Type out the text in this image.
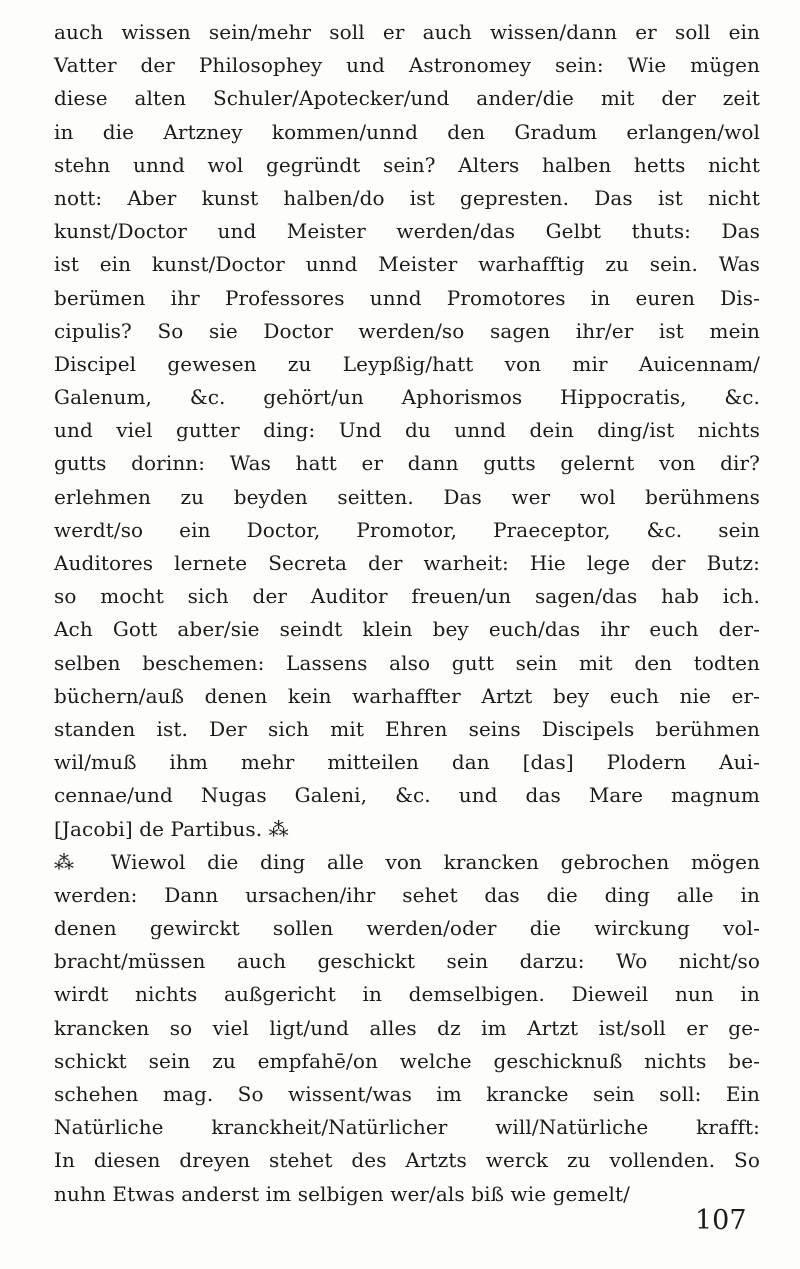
auch wissen sein/mehr soll er auch wissen/dann er soll ein
Vatter der Philosophey und Astronomey sein: Wie mügen
diese alten Schuler/Apotecker/und ander/die mit der zeit
in die Artzney kommen/unnd den Gradum erlangen/wol
stehn unnd wol gegründt sein? Alters halben hetts nicht
nott: Aber kunst halben/do ist gepresten. Das ist nicht
kunst/Doctor und Meister werden/das Gelbt thuts: Das
ist ein kunst/Doctor unnd Meister warhafftig zu sein. Was
berümen ihr Professores unnd Promotores in euren Dis-
cipulis? So sie Doctor werden/so sagen ihr/er ist mein
Discipel gewesen zu Leypßig/hatt von mir Auicennam/
Galenum, &c. gehört/un Aphorismos Hippocratis, &c.
und viel gutter ding: Und du unnd dein ding/ist nichts
gutts dorinn: Was hatt er dann gutts gelernt von dir?
erlehmen zu beyden seitten. Das wer wol berühmens
werdt/so ein Doctor, Promotor, Praeceptor, &c. sein
Auditores lernete Secreta der warheit: Hie lege der Butz:
so mocht sich der Auditor freuen/un sagen/das hab ich.
Ach Gott aber/sie seindt klein bey euch/das ihr euch der-
selben beschemen: Lassens also gutt sein mit den todten
büchern/auß denen kein warhaffter Artzt bey euch nie er-
standen ist. Der sich mit Ehren seins Discipels berühmen
wil/muß ihm mehr mitteilen dan [das] Plodern Aui-
cennae/und Nugas Galeni, &c. und das Mare magnum
[Jacobi] de Partibus. ⁂
⁂ Wiewol die ding alle von krancken gebrochen mögen
werden: Dann ursachen/ihr sehet das die ding alle in
denen gewirckt sollen werden/oder die wirckung vol-
bracht/müssen auch geschickt sein darzu: Wo nicht/so
wirdt nichts außgericht in demselbigen. Dieweil nun in
krancken so viel ligt/und alles dz im Artzt ist/soll er ge-
schickt sein zu empfahē/on welche geschicknuß nichts be-
schehen mag. So wissent/was im krancke sein soll: Ein
Natürliche kranckheit/Natürlicher will/Natürliche krafft:
In diesen dreyen stehet des Artzts werck zu vollenden. So
nuhn Etwas anderst im selbigen wer/als biß wie gemelt/
107
